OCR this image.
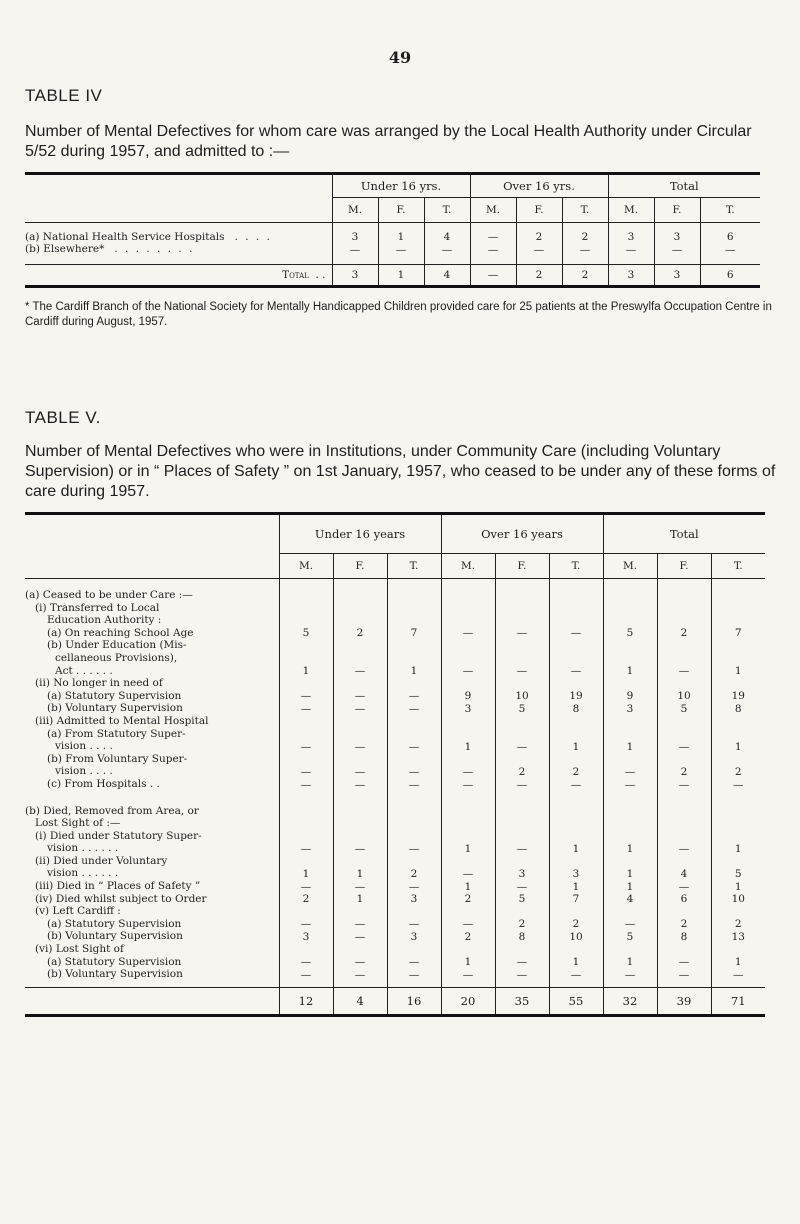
49
TABLE IV
Number of Mental Defectives for whom care was arranged by the Local Health Authority under Circular 5/52 during 1957, and admitted to :—
	Under 16 yrs.			Over 16 yrs.			Total		
	M.	F.	T.	M.	F.	T.	M.	F.	T.
(a) National Health Service Hospitals . . . .	3	1	4	—	2	2	3	3	6
(b) Elsewhere* . . . . . . . .	—	—	—	—	—	—	—	—	—

Total . .	3	1	4	—	2	2	3	3	6
* The Cardiff Branch of the National Society for Mentally Handicapped Children provided care for 25 patients at the Preswylfa Occupation Centre in Cardiff during August, 1957.
TABLE V.
Number of Mental Defectives who were in Institutions, under Community Care (including Voluntary Supervision) or in “ Places of Safety ” on 1st January, 1957, who ceased to be under any of these forms of care during 1957.
	Under 16 years			Over 16 years			Total		
	M.	F.	T.	M.	F.	T.	M.	F.	T.
(a) Ceased to be under Care :—									
(i) Transferred to Local									
Education Authority :									
(a) On reaching School Age	5	2	7	—	—	—	5	2	7
(b) Under Education (Mis-									
cellaneous Provisions),									
Act . . . . . .	1	—	1	—	—	—	1	—	1
(ii) No longer in need of									
(a) Statutory Supervision	—	—	—	9	10	19	9	10	19
(b) Voluntary Supervision	—	—	—	3	5	8	3	5	8
(iii) Admitted to Mental Hospital									
(a) From Statutory Super-									
vision . . . .	—	—	—	1	—	1	1	—	1
(b) From Voluntary Super-									
vision . . . .	—	—	—	—	2	2	—	2	2
(c) From Hospitals . .	—	—	—	—	—	—	—	—	—

(b) Died, Removed from Area, or									
Lost Sight of :—									
(i) Died under Statutory Super-									
vision . . . . . .	—	—	—	1	—	1	1	—	1
(ii) Died under Voluntary									
vision . . . . . .	1	1	2	—	3	3	1	4	5
(iii) Died in “ Places of Safety ”	—	—	—	1	—	1	1	—	1
(iv) Died whilst subject to Order	2	1	3	2	5	7	4	6	10
(v) Left Cardiff :									
(a) Statutory Supervision	—	—	—	—	2	2	—	2	2
(b) Voluntary Supervision	3	—	3	2	8	10	5	8	13
(vi) Lost Sight of									
(a) Statutory Supervision	—	—	—	1	—	1	1	—	1
(b) Voluntary Supervision	—	—	—	—	—	—	—	—	—

	12	4	16	20	35	55	32	39	71
